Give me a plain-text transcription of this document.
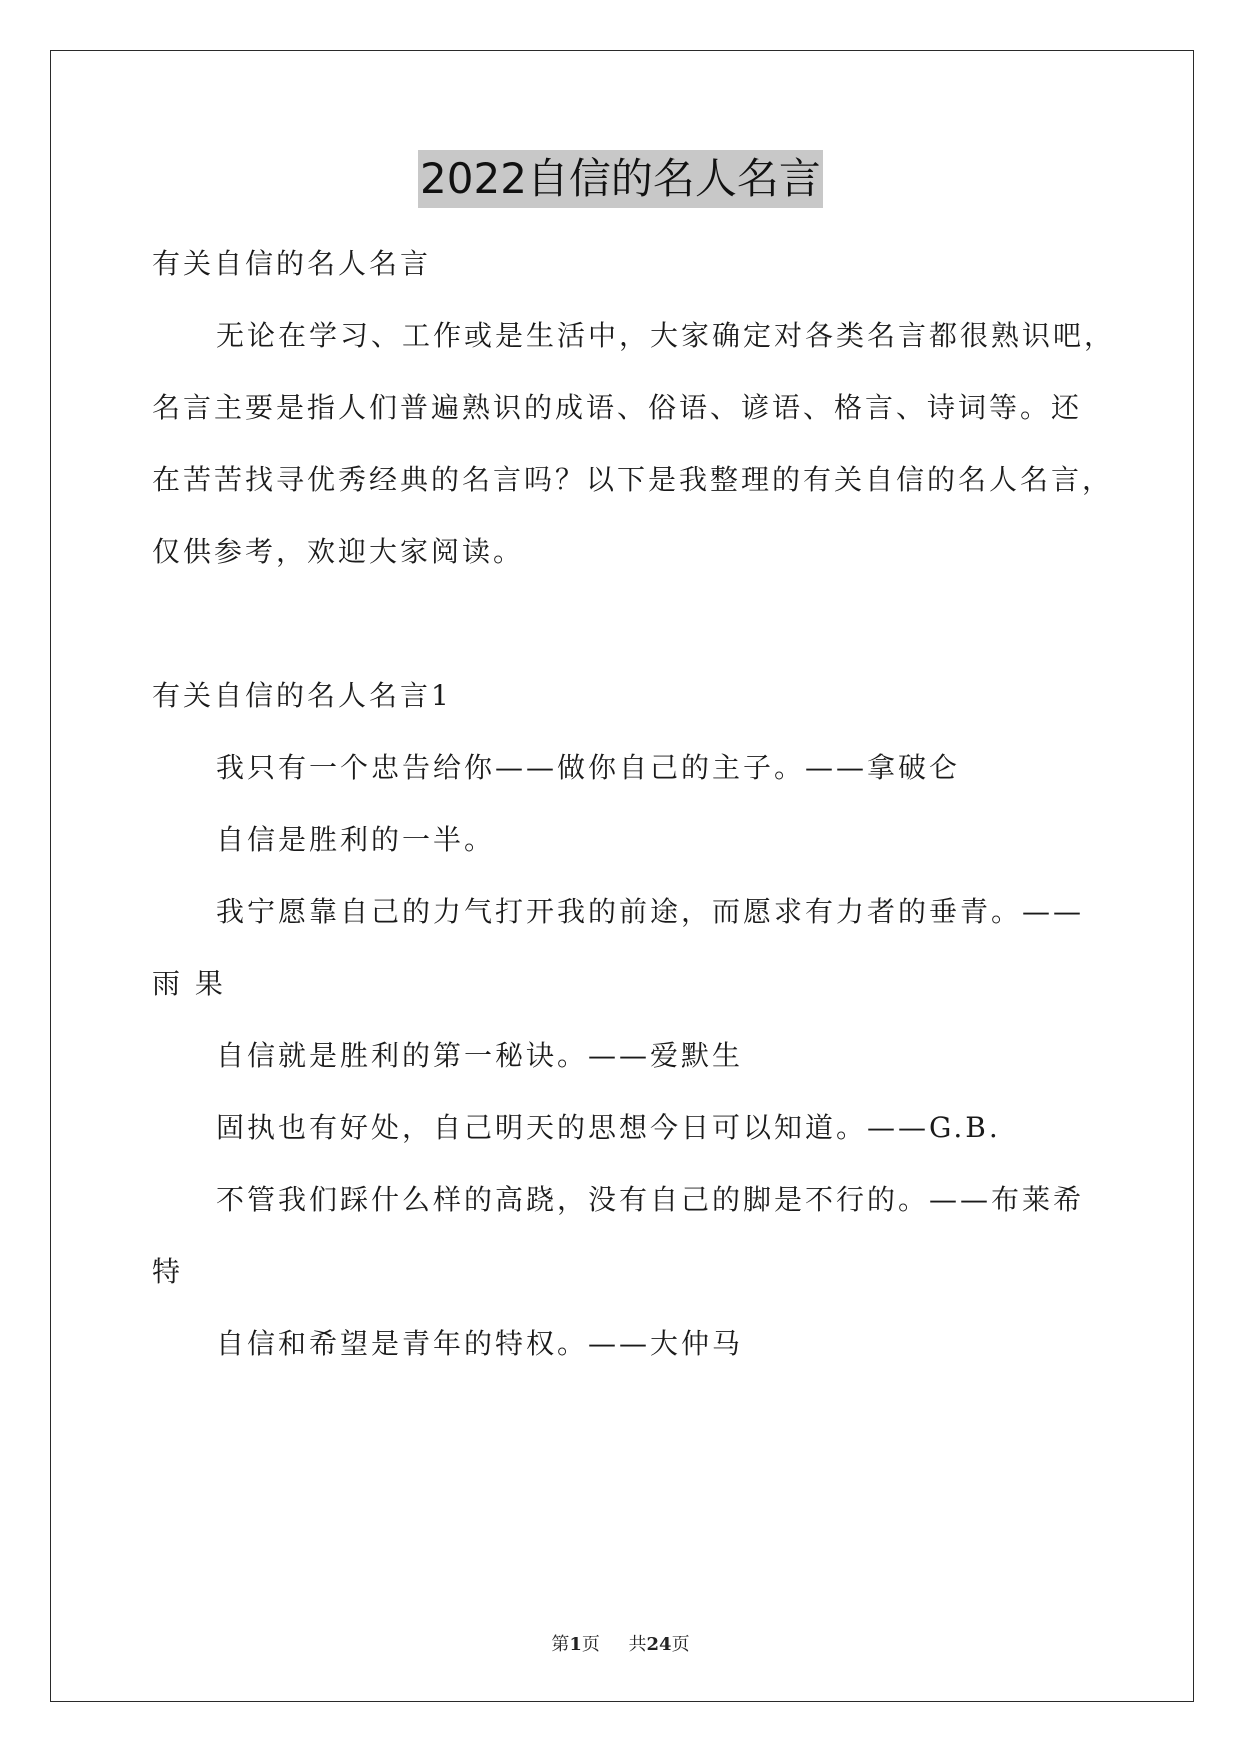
2022自信的名人名言
有关自信的名人名言
无论在学习、工作或是生活中，大家确定对各类名言都很熟识吧，
名言主要是指人们普遍熟识的成语、俗语、谚语、格言、诗词等。还
在苦苦找寻优秀经典的名言吗？以下是我整理的有关自信的名人名言，
仅供参考，欢迎大家阅读。
有关自信的名人名言1
我只有一个忠告给你——做你自己的主子。——拿破仑
自信是胜利的一半。
我宁愿靠自己的力气打开我的前途，而愿求有力者的垂青。——
雨 果
自信就是胜利的第一秘诀。——爱默生
固执也有好处，自己明天的思想今日可以知道。——G.B.
不管我们踩什么样的高跷，没有自己的脚是不行的。——布莱希
特
自信和希望是青年的特权。——大仲马
第1页 共24页
